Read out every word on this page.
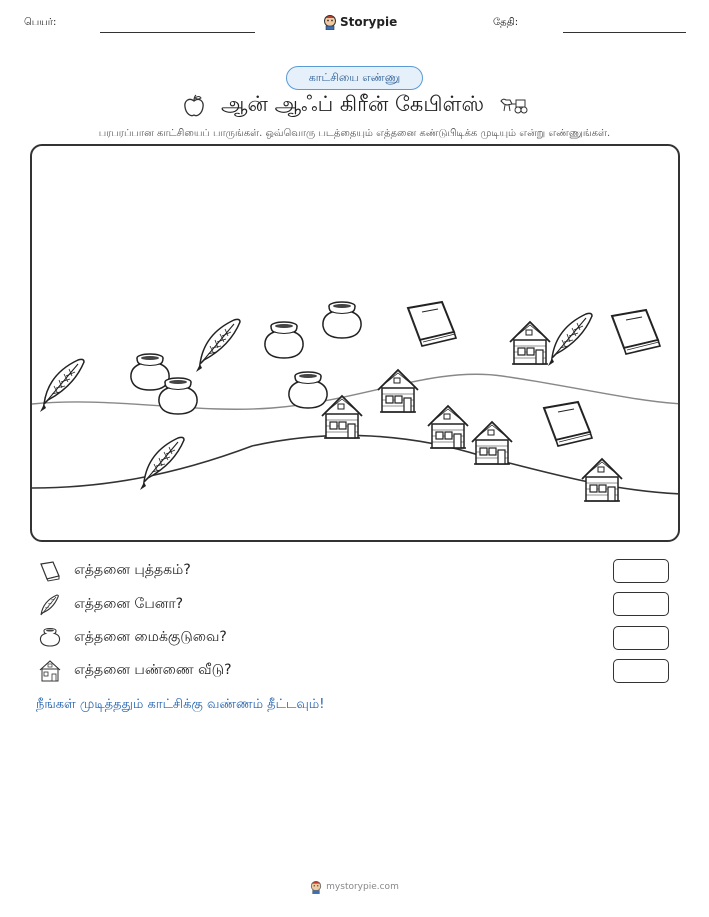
பெயர்:	Storypie	தேதி:
காட்சியை எண்ணு
ஆன் ஆஃப் கிரீன் கேபிள்ஸ்
பரபரப்பான காட்சியைப் பாருங்கள். ஒவ்வொரு படத்தையும் எத்தனை கண்டுபிடிக்க முடியும் என்று எண்ணுங்கள்.
எத்தனை புத்தகம்?
எத்தனை பேனா?
எத்தனை மைக்குடுவை?
எத்தனை பண்ணை வீடு?
நீங்கள் முடித்ததும் காட்சிக்கு வண்ணம் தீட்டவும்!
mystorypie.com
